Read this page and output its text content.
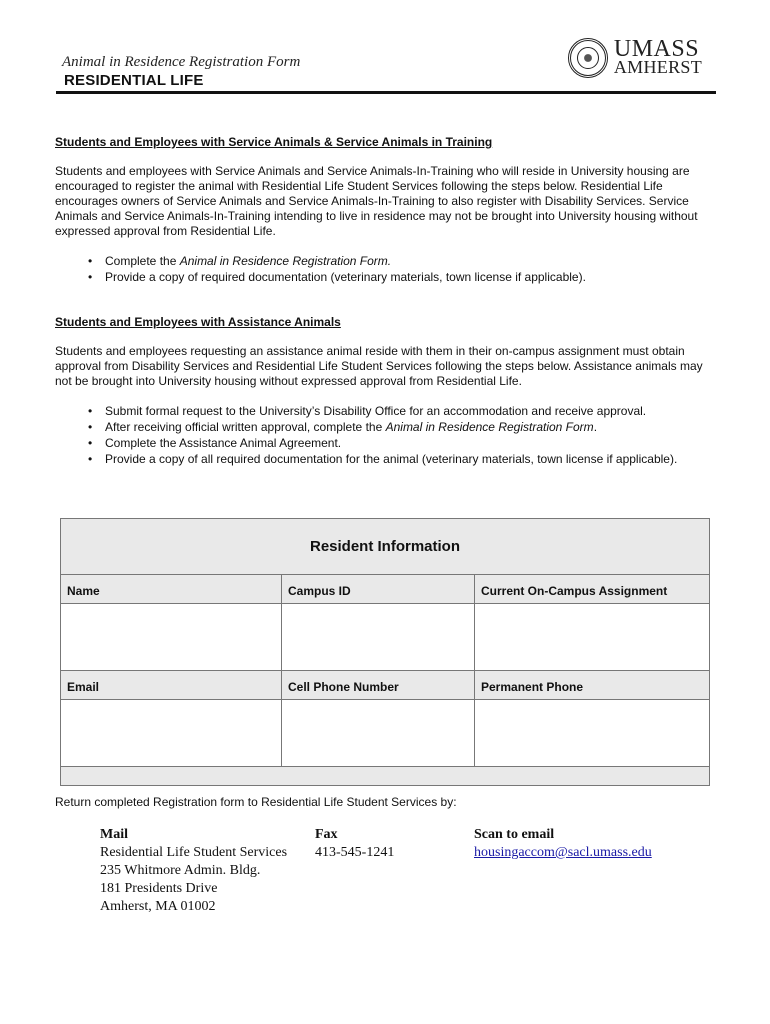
Animal in Residence Registration Form
RESIDENTIAL LIFE
UMASS
AMHERST
Students and Employees with Service Animals & Service Animals in Training
Students and employees with Service Animals and Service Animals-In-Training who will reside in University housing are encouraged to register the animal with Residential Life Student Services following the steps below. Residential Life encourages owners of Service Animals and Service Animals-In-Training to also register with Disability Services. Service Animals and Service Animals-In-Training intending to live in residence may not be brought into University housing without expressed approval from Residential Life.
• Complete the Animal in Residence Registration Form.
• Provide a copy of required documentation (veterinary materials, town license if applicable).
Students and Employees with Assistance Animals
Students and employees requesting an assistance animal reside with them in their on-campus assignment must obtain approval from Disability Services and Residential Life Student Services following the steps below. Assistance animals may not be brought into University housing without expressed approval from Residential Life.
• Submit formal request to the University’s Disability Office for an accommodation and receive approval.
• After receiving official written approval, complete the Animal in Residence Registration Form.
• Complete the Assistance Animal Agreement.
• Provide a copy of all required documentation for the animal (veterinary materials, town license if applicable).
Resident Information		
Name	Campus ID	Current On-Campus Assignment

Email	Cell Phone Number	Permanent Phone

Return completed Registration form to Residential Life Student Services by:
Mail
Residential Life Student Services
235 Whitmore Admin. Bldg.
181 Presidents Drive
Amherst, MA 01002
Fax
413-545-1241
Scan to email
housingaccom@sacl.umass.edu
